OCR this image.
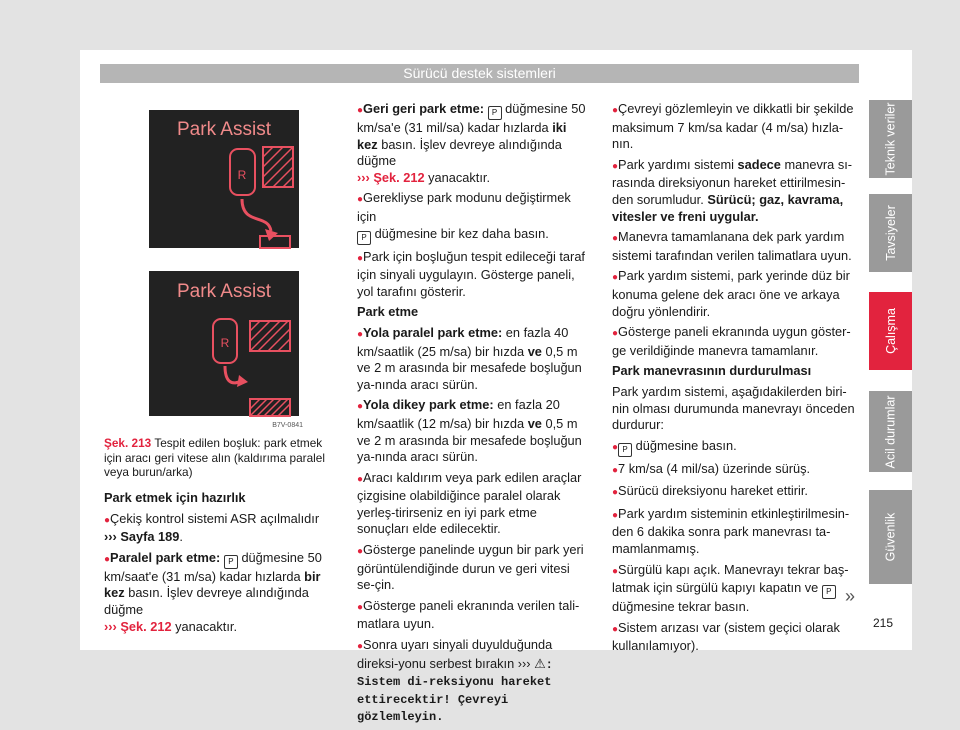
Sürücü destek sistemleri
Teknik veriler
Tavsiyeler
Çalışma
Acil durumlar
Güvenlik
Park Assist
Park Assist
R
R
B7V-0841
Şek. 213 Tespit edilen boşluk: park etmek için aracı geri vitese alın (kaldırıma paralel veya burun/arka)

Park etmek için hazırlık

● Çekiş kontrol sistemi ASR açılmalıdır
››› Sayfa 189.

● Paralel park etme: P düğmesine 50 km/saat'e (31 m/sa) kadar hızlarda bir kez basın. İşlev devreye alındığında düğme
››› Şek. 212 yanacaktır.

● Geri geri park etme: P düğmesine 50 km/sa'e (31 mil/sa) kadar hızlarda iki kez basın. İşlev devreye alındığında düğme
››› Şek. 212 yanacaktır.

● Gerekliyse park modunu değiştirmek için
P düğmesine bir kez daha basın.

● Park için boşluğun tespit edileceği taraf için sinyali uygulayın. Gösterge paneli, yol tarafını gösterir.

Park etme

● Yola paralel park etme: en fazla 40 km/saatlik (25 m/sa) bir hızda ve 0,5 m ve 2 m arasında bir mesafede boşluğun ya-nında aracı sürün.

● Yola dikey park etme: en fazla 20 km/saatlik (12 m/sa) bir hızda ve 0,5 m ve 2 m arasında bir mesafede boşluğun ya-nında aracı sürün.

● Aracı kaldırım veya park edilen araçlar çizgisine olabildiğince paralel olarak yerleş-tirirseniz en iyi park etme sonuçları elde edilecektir.

● Gösterge panelinde uygun bir park yeri görüntülendiğinde durun ve geri vitesi se-çin.

● Gösterge paneli ekranında verilen tali-matlara uyun.

● Sonra uyarı sinyali duyulduğunda direksi-yonu serbest bırakın ››› ⚠: Sistem di-reksiyonu hareket ettirecektir! Çevreyi gözlemleyin.

● Çevreyi gözlemleyin ve dikkatli bir şekilde maksimum 7 km/sa kadar (4 m/sa) hızla-nın.

● Park yardımı sistemi sadece manevra sı-rasında direksiyonun hareket ettirilmesin-den sorumludur. Sürücü; gaz, kavrama, vitesler ve freni uygular.

● Manevra tamamlanana dek park yardım sistemi tarafından verilen talimatlara uyun.

● Park yardım sistemi, park yerinde düz bir konuma gelene dek aracı öne ve arkaya doğru yönlendirir.

● Gösterge paneli ekranında uygun göster-ge verildiğinde manevra tamamlanır.

Park manevrasının durdurulması

Park yardım sistemi, aşağıdakilerden biri-nin olması durumunda manevrayı önceden durdurur:

● P düğmesine basın.

● 7 km/sa (4 mil/sa) üzerinde sürüş.

● Sürücü direksiyonu hareket ettirir.

● Park yardım sisteminin etkinleştirilmesin-den 6 dakika sonra park manevrası ta-mamlanmamış.

● Sürgülü kapı açık. Manevrayı tekrar baş-latmak için sürgülü kapıyı kapatın ve P
düğmesine tekrar basın.

● Sistem arızası var (sistem geçici olarak kullanılamıyor).

»
215
